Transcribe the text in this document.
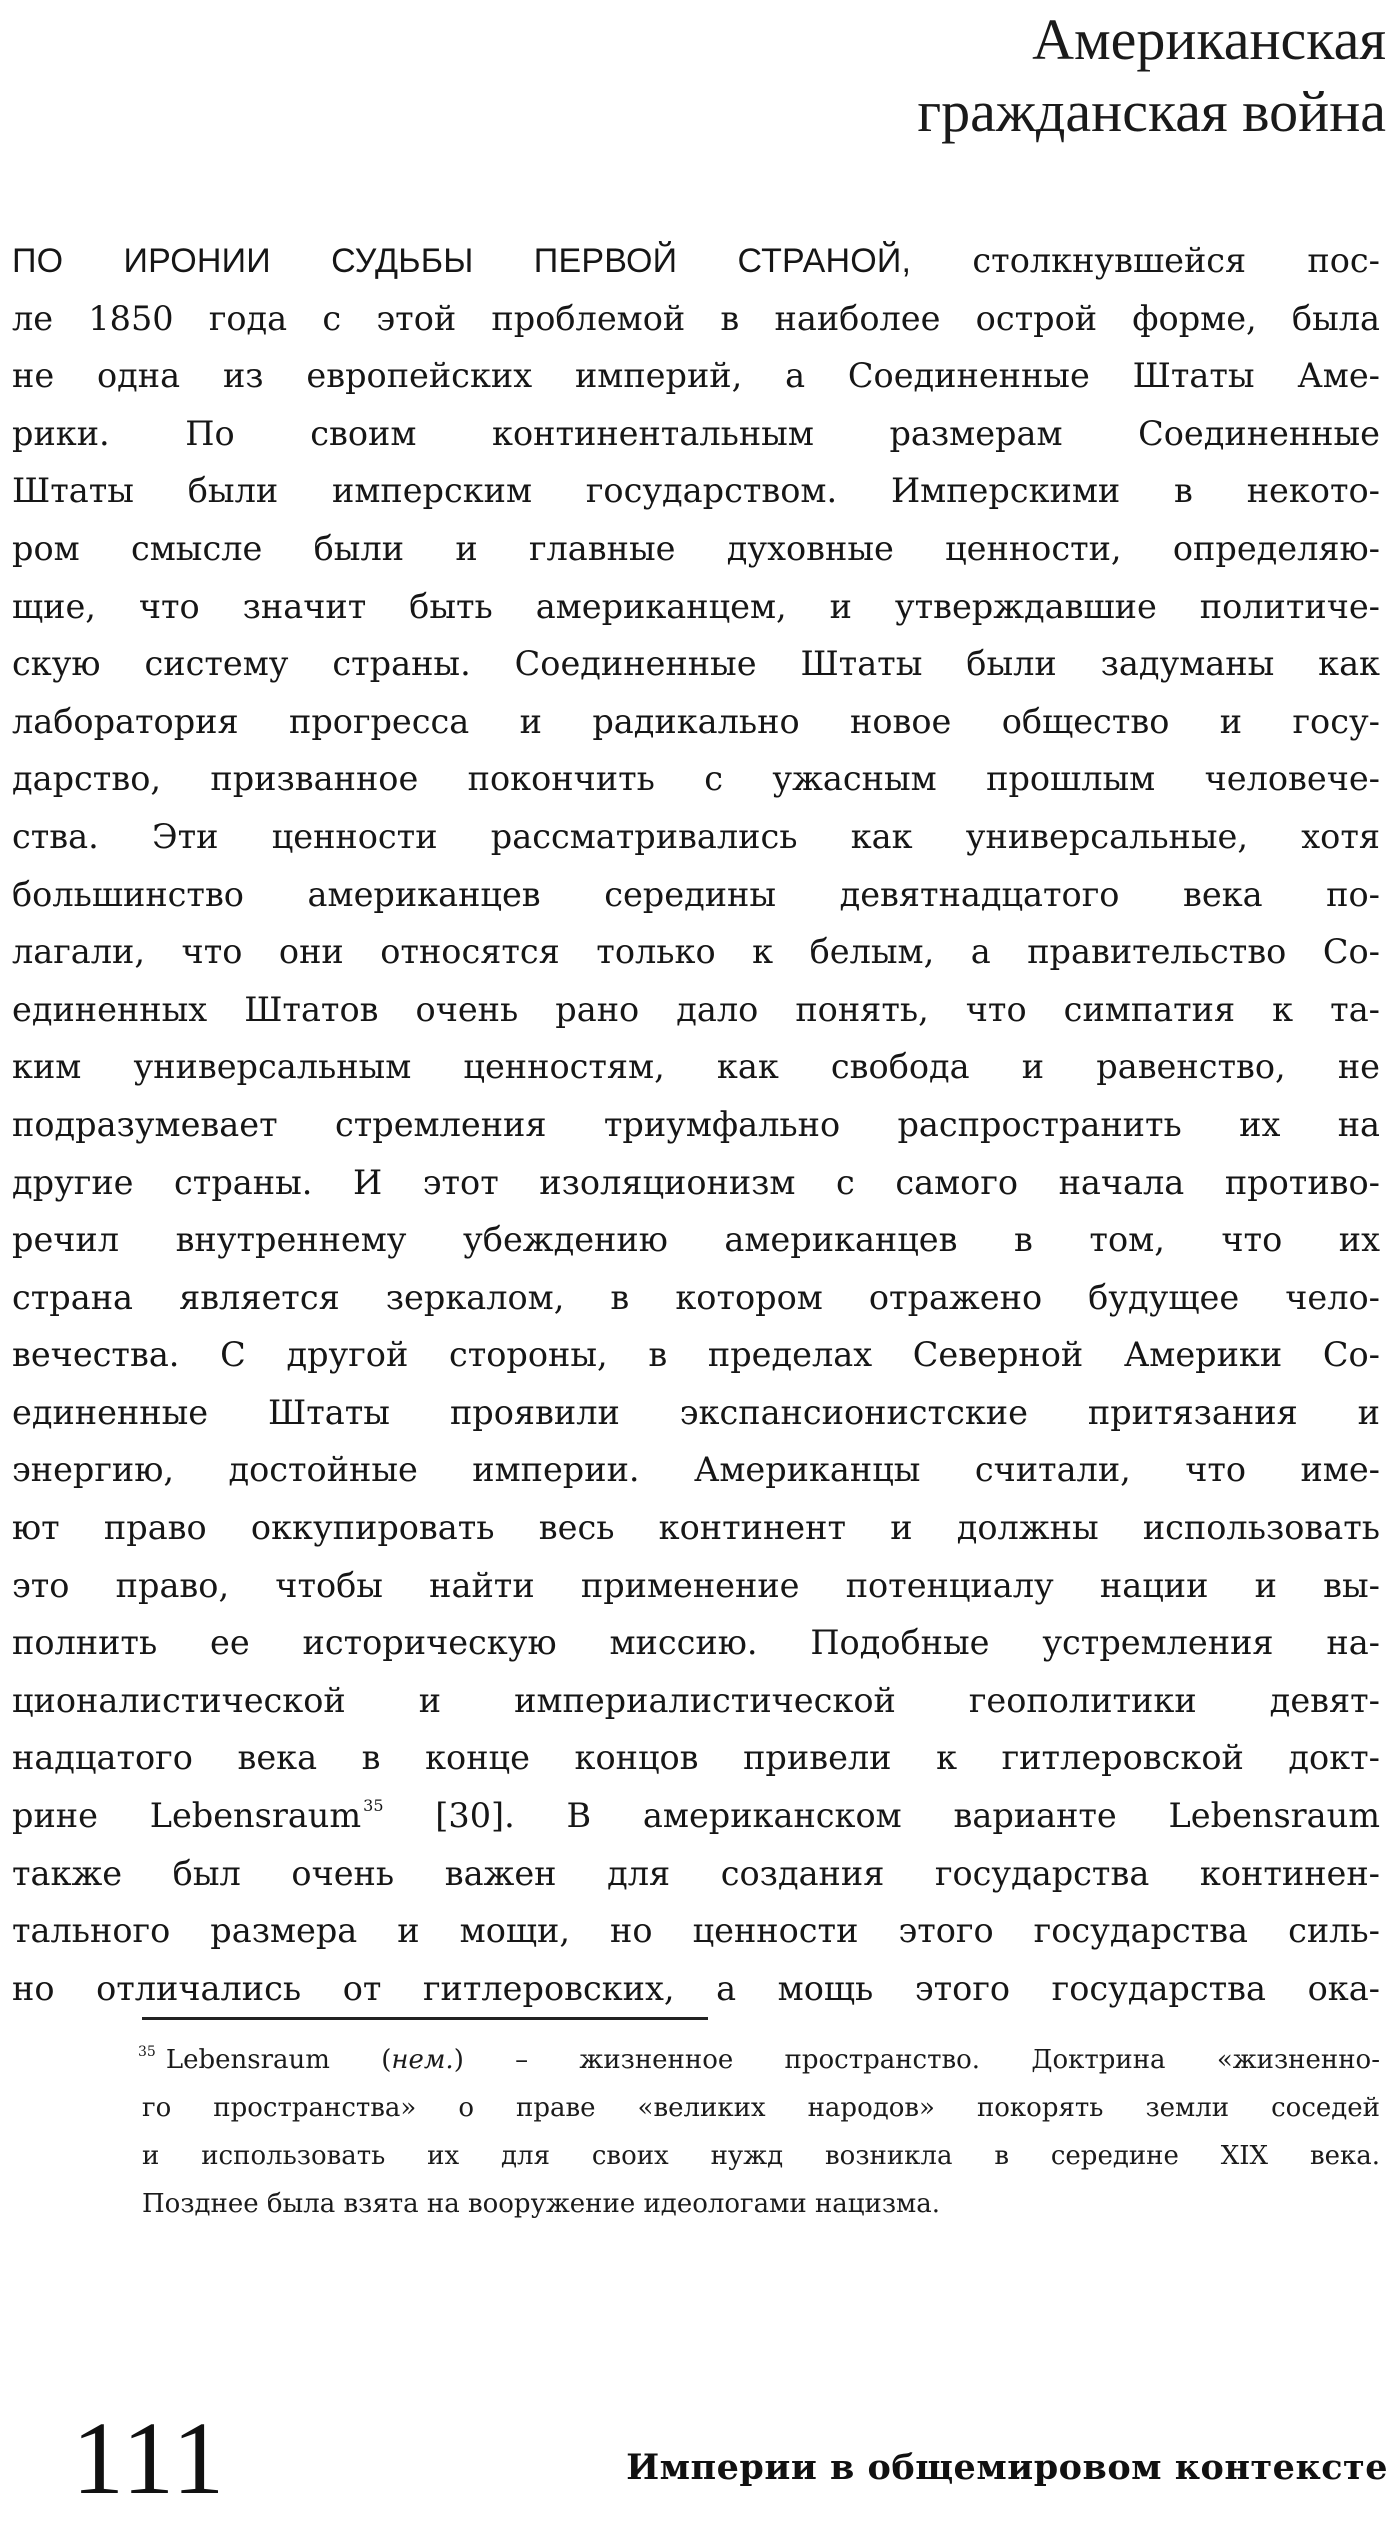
Американская
гражданская война
ПО ИРОНИИ СУДЬБЫ ПЕРВОЙ СТРАНОЙ, столкнувшейся пос-
ле 1850 года с этой проблемой в наиболее острой форме, была
не одна из европейских империй, а Соединенные Штаты Аме-
рики. По своим континентальным размерам Соединенные
Штаты были имперским государством. Имперскими в некото-
ром смысле были и главные духовные ценности, определяю-
щие, что значит быть американцем, и утверждавшие политиче-
скую систему страны. Соединенные Штаты были задуманы как
лаборатория прогресса и радикально новое общество и госу-
дарство, призванное покончить с ужасным прошлым человече-
ства. Эти ценности рассматривались как универсальные, хотя
большинство американцев середины девятнадцатого века по-
лагали, что они относятся только к белым, а правительство Со-
единенных Штатов очень рано дало понять, что симпатия к та-
ким универсальным ценностям, как свобода и равенство, не
подразумевает стремления триумфально распространить их на
другие страны. И этот изоляционизм с самого начала противо-
речил внутреннему убеждению американцев в том, что их
страна является зеркалом, в котором отражено будущее чело-
вечества. С другой стороны, в пределах Северной Америки Со-
единенные Штаты проявили экспансионистские притязания и
энергию, достойные империи. Американцы считали, что име-
ют право оккупировать весь континент и должны использовать
это право, чтобы найти применение потенциалу нации и вы-
полнить ее историческую миссию. Подобные устремления на-
ционалистической и империалистической геополитики девят-
надцатого века в конце концов привели к гитлеровской докт-
рине Lebensraum $^{35}$ [30]. В американском варианте Lebensraum
также был очень важен для создания государства континен-
тального размера и мощи, но ценности этого государства силь-
но отличались от гитлеровских, а мощь этого государства ока-
$^{35}$ Lebensraum (нем.) – жизненное пространство. Доктрина «жизненно-
го пространства» о праве «великих народов» покорять земли соседей
и использовать их для своих нужд возникла в середине XIX века.
Позднее была взята на вооружение идеологами нацизма.
111	Империи в общемировом контексте
